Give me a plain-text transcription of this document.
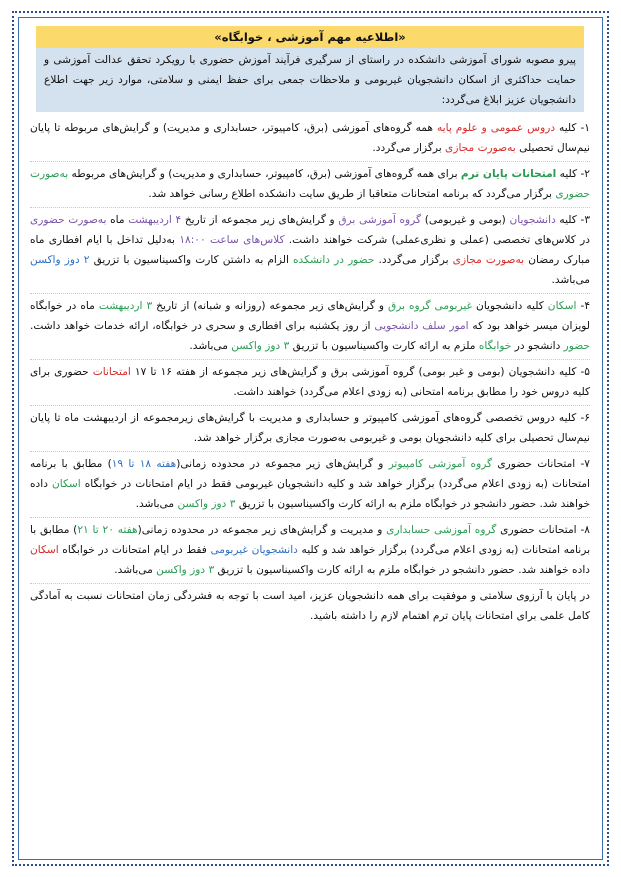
«اطلاعیه مهم آموزشی ، خوابگاه»
پیرو مصوبه شورای آموزشی دانشکده در راستای از سرگیری فرآیند آموزش حضوری با رویکرد تحقق عدالت آموزشی و حمایت حداکثری از اسکان دانشجویان غیربومی و ملاحظات جمعی برای حفظ ایمنی و سلامتی، موارد زیر جهت اطلاع دانشجویان عزیز ابلاغ می‌گردد:
۱- کلیه دروس عمومی و علوم پایه همه گروه‌های آموزشی (برق، کامپیوتر، حسابداری و مدیریت) و گرایش‌های مربوطه تا پایان نیم‌سال تحصیلی به‌صورت مجازی برگزار می‌گردد.
۲- کلیه امتحانات پایان ترم برای همه گروه‌های آموزشی (برق، کامپیوتر، حسابداری و مدیریت) و گرایش‌های مربوطه به‌صورت حضوری برگزار می‌گردد که برنامه امتحانات متعاقبا از طریق سایت دانشکده اطلاع رسانی خواهد شد.
۳- کلیه دانشجویان (بومی و غیربومی) گروه آموزشی برق و گرایش‌های زیر مجموعه از تاریخ ۴ اردیبهشت ماه به‌صورت حضوری در کلاس‌های تخصصی (عملی و نظری‌عملی) شرکت خواهند داشت. کلاس‌های ساعت ۱۸:۰۰ به‌دلیل تداخل با ایام افطاری ماه مبارک رمضان به‌صورت مجازی برگزار می‌گردد. حضور در دانشکده الزام به داشتن کارت واکسیناسیون با تزریق ۲ دوز واکسن می‌باشد.
۴- اسکان کلیه دانشجویان غیربومی گروه برق و گرایش‌های زیر مجموعه (روزانه و شبانه) از تاریخ ۳ اردیبهشت ماه در خوابگاه لویزان میسر خواهد بود که امور سلف دانشجویی از روز یکشنبه برای افطاری و سحری در خوابگاه، ارائه خدمات خواهد داشت. حضور دانشجو در خوابگاه ملزم به ارائه کارت واکسیناسیون با تزریق ۳ دوز واکسن می‌باشد.
۵- کلیه دانشجویان (بومی و غیر بومی) گروه آموزشی برق و گرایش‌های زیر مجموعه از هفته ۱۶ تا ۱۷ امتحانات حضوری برای کلیه دروس خود را مطابق برنامه امتحانی (به زودی اعلام می‌گردد) خواهند داشت.
۶- کلیه دروس تخصصی گروه‌های آموزشی کامپیوتر و حسابداری و مدیریت با گرایش‌های زیرمجموعه از اردیبهشت ماه تا پایان نیم‌سال تحصیلی برای کلیه دانشجویان بومی و غیربومی به‌صورت مجازی برگزار خواهد شد.
۷- امتحانات حضوری گروه آموزشی کامپیوتر و گرایش‌های زیر مجموعه در محدوده زمانی(هفته ۱۸ تا ۱۹) مطابق با برنامه امتحانات (به زودی اعلام می‌گردد) برگزار خواهد شد و کلیه دانشجویان غیربومی فقط در ایام امتحانات در خوابگاه اسکان داده خواهند شد. حضور دانشجو در خوابگاه ملزم به ارائه کارت واکسیناسیون با تزریق ۳ دوز واکسن می‌باشد.
۸- امتحانات حضوری گروه آموزشی حسابداری و مدیریت و گرایش‌های زیر مجموعه در محدوده زمانی(هفته ۲۰ تا ۲۱) مطابق با برنامه امتحانات (به زودی اعلام می‌گردد) برگزار خواهد شد و کلیه دانشجویان غیربومی فقط در ایام امتحانات در خوابگاه اسکان داده خواهند شد. حضور دانشجو در خوابگاه ملزم به ارائه کارت واکسیناسیون با تزریق ۳ دوز واکسن می‌باشد.
در پایان با آرزوی سلامتی و موفقیت برای همه دانشجویان عزیز، امید است با توجه به فشردگی زمان امتحانات نسبت به آمادگی کامل علمی برای امتحانات پایان ترم اهتمام لازم را داشته باشید.
